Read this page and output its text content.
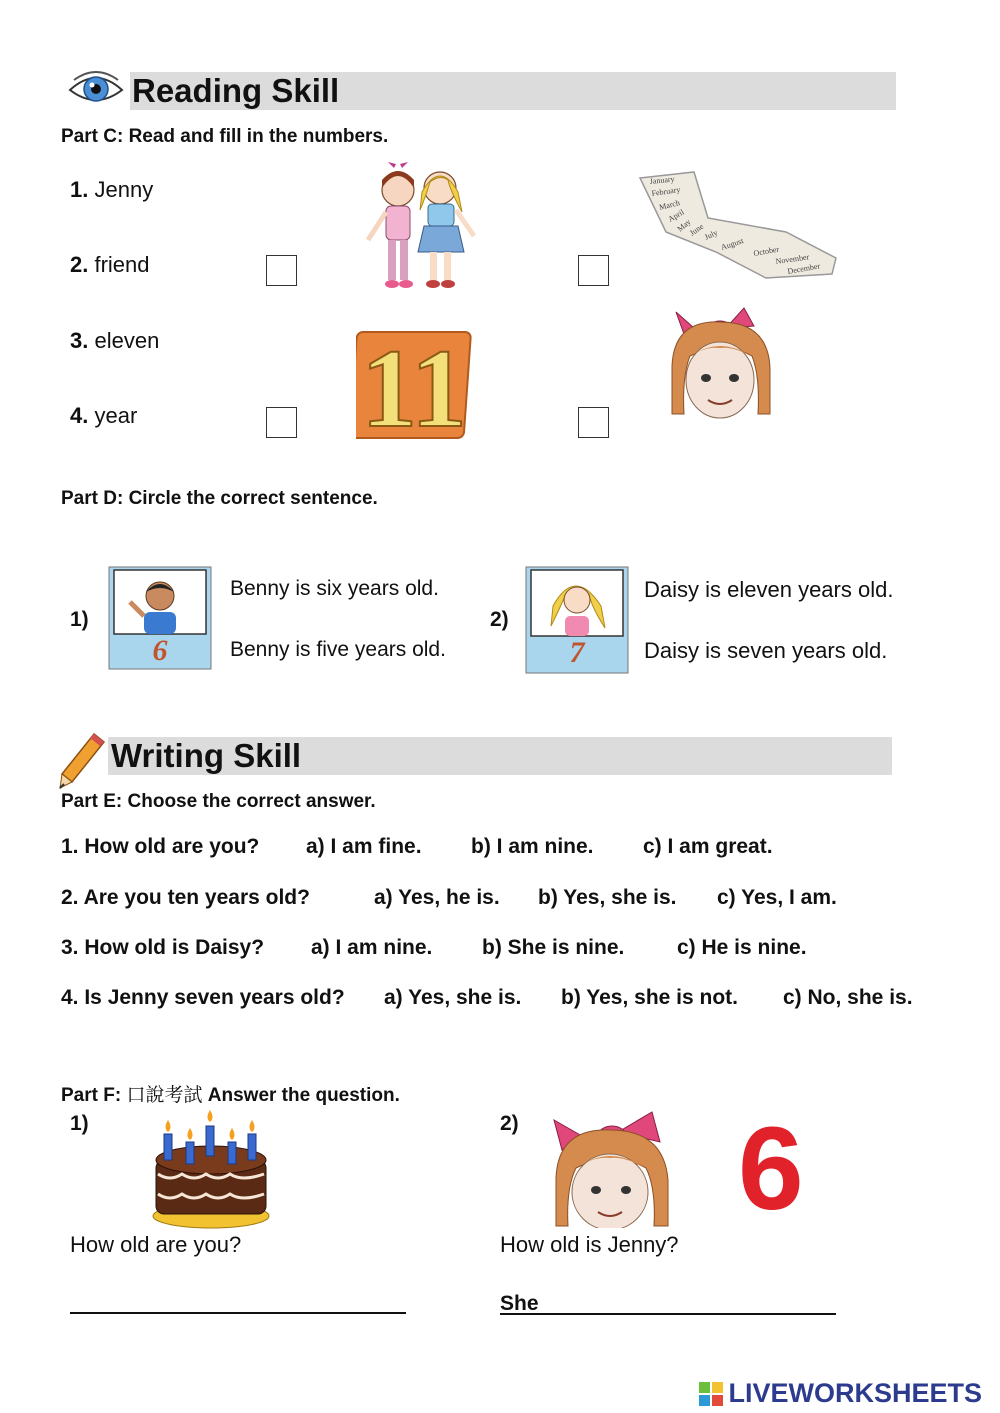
Reading Skill
Part C: Read and fill in the numbers.
1. Jenny
2. friend
3. eleven
4. year
January
February
March
April
May
June
July
August October
November
December
11
Part D: Circle the correct sentence.
1)
6
Benny is six years old.
Benny is five years old.
2)
7
Daisy is eleven years old.
Daisy is seven years old.
Writing Skill
Part E: Choose the correct answer.
1. How old are you? a) I am fine. b) I am nine. c) I am great.
2. Are you ten years old?	a) Yes, he is. b) Yes, she is. c) Yes, I am.
3. How old is Daisy? a) I am nine. b) She is nine.	c) He is nine.
4. Is Jenny seven years old? a) Yes, she is. b) Yes, she is not. c) No, she is.
Part F: 口說考試 Answer the question.
1)
How old are you?
2) 6
How old is Jenny?
She
LIVEWORKSHEETS
